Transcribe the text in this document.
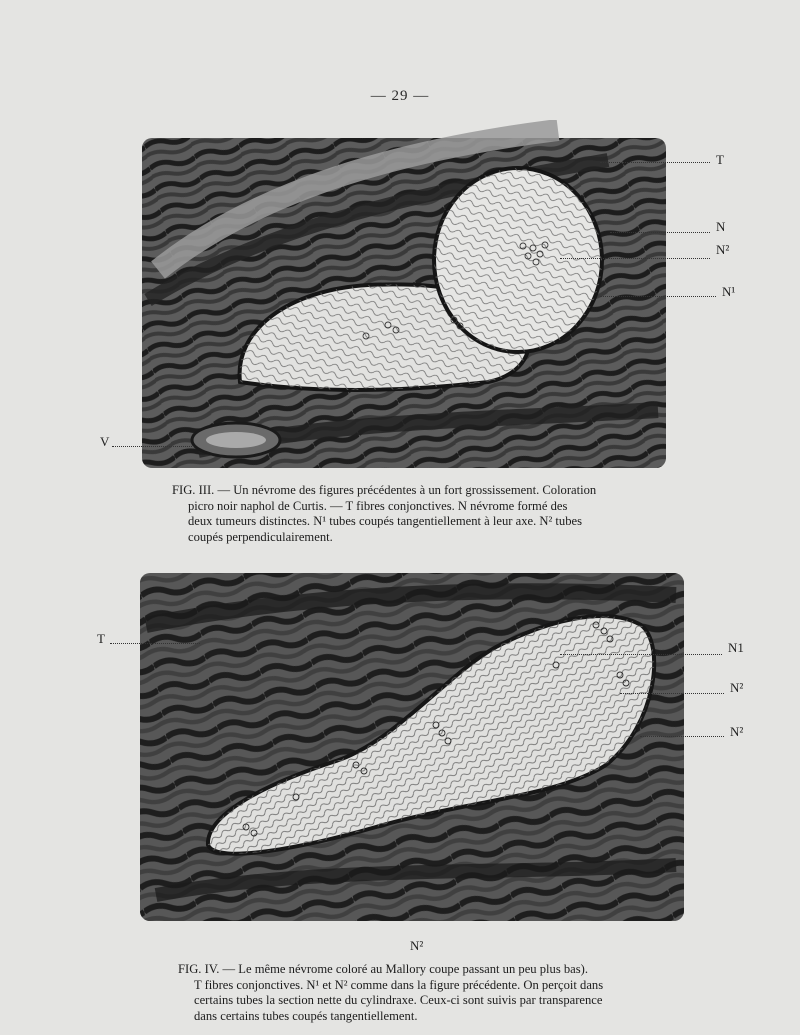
— 29 —
T
N
N²
N¹
V
FIG. III. — Un névrome des figures précédentes à un fort grossissement. Coloration
picro noir naphol de Curtis. — T fibres conjonctives. N névrome formé des
deux tumeurs distinctes. N¹ tubes coupés tangentiellement à leur axe. N² tubes
coupés perpendiculairement.
T
N1
N²
N²
N²
FIG. IV. — Le même névrome coloré au Mallory coupe passant un peu plus bas).
T fibres conjonctives. N¹ et N² comme dans la figure précédente. On perçoit dans
certains tubes la section nette du cylindraxe. Ceux-ci sont suivis par transparence
dans certains tubes coupés tangentiellement.
